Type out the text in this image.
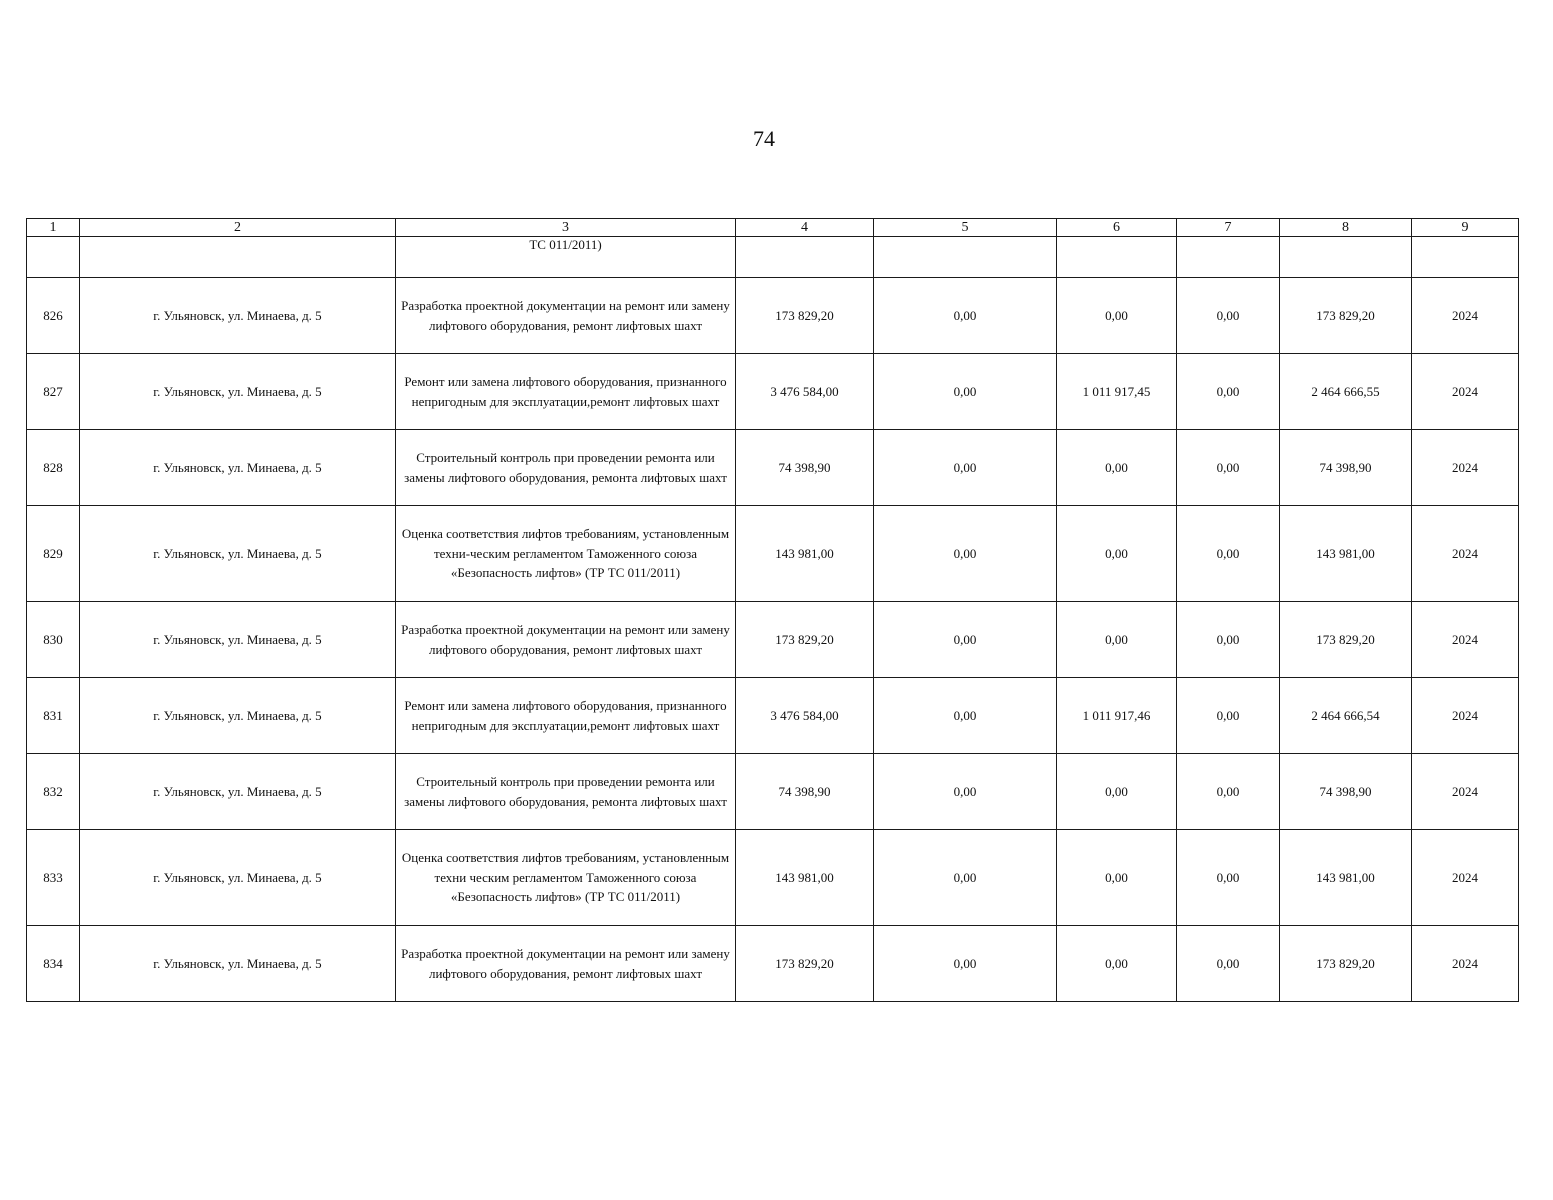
74
1	2	3	4	5	6	7	8	9
		ТС 011/2011)						
826	г. Ульяновск, ул. Минаева, д. 5	Разработка проектной документации на ремонт или замену лифтового оборудования, ремонт лифтовых шахт	173 829,20	0,00	0,00	0,00	173 829,20	2024
827	г. Ульяновск, ул. Минаева, д. 5	Ремонт или замена лифтового оборудования, признанного непригодным для эксплуатации,ремонт лифтовых шахт	3 476 584,00	0,00	1 011 917,45	0,00	2 464 666,55	2024
828	г. Ульяновск, ул. Минаева, д. 5	Строительный контроль при проведении ремонта или замены лифтового оборудования, ремонта лифтовых шахт	74 398,90	0,00	0,00	0,00	74 398,90	2024
829	г. Ульяновск, ул. Минаева, д. 5	Оценка соответствия лифтов требованиям, установленным техни-ческим регламентом Таможенного союза «Безопасность лифтов» (ТР ТС 011/2011)	143 981,00	0,00	0,00	0,00	143 981,00	2024
830	г. Ульяновск, ул. Минаева, д. 5	Разработка проектной документации на ремонт или замену лифтового оборудования, ремонт лифтовых шахт	173 829,20	0,00	0,00	0,00	173 829,20	2024
831	г. Ульяновск, ул. Минаева, д. 5	Ремонт или замена лифтового оборудования, признанного непригодным для эксплуатации,ремонт лифтовых шахт	3 476 584,00	0,00	1 011 917,46	0,00	2 464 666,54	2024
832	г. Ульяновск, ул. Минаева, д. 5	Строительный контроль при проведении ремонта или замены лифтового оборудования, ремонта лифтовых шахт	74 398,90	0,00	0,00	0,00	74 398,90	2024
833	г. Ульяновск, ул. Минаева, д. 5	Оценка соответствия лифтов требованиям, установленным техни ческим регламентом Таможенного союза «Безопасность лифтов» (ТР ТС 011/2011)	143 981,00	0,00	0,00	0,00	143 981,00	2024
834	г. Ульяновск, ул. Минаева, д. 5	Разработка проектной документации на ремонт или замену лифтового оборудования, ремонт лифтовых шахт	173 829,20	0,00	0,00	0,00	173 829,20	2024
